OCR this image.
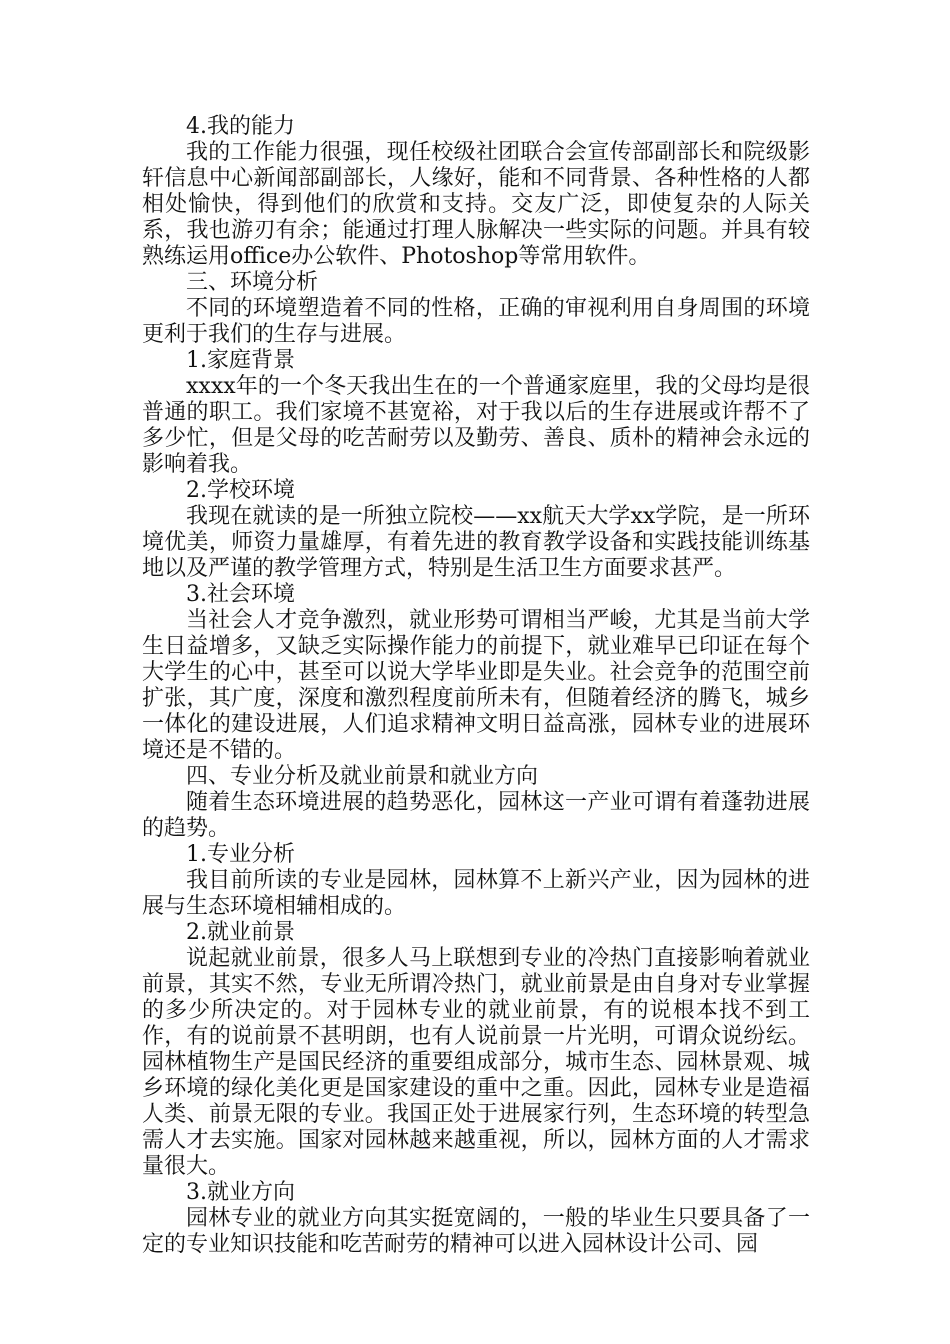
4.我的能力

我的工作能力很强，现任校级社团联合会宣传部副部长和院级影轩信息中心新闻部副部长，人缘好，能和不同背景、各种性格的人都相处愉快，得到他们的欣赏和支持。交友广泛，即使复杂的人际关系，我也游刃有余；能通过打理人脉解决一些实际的问题。并具有较熟练运用office办公软件、Photoshop等常用软件。

三、环境分析

不同的环境塑造着不同的性格，正确的审视利用自身周围的环境更利于我们的生存与进展。

1.家庭背景

xxxx年的一个冬天我出生在的一个普通家庭里，我的父母均是很普通的职工。我们家境不甚宽裕，对于我以后的生存进展或许帮不了多少忙，但是父母的吃苦耐劳以及勤劳、善良、质朴的精神会永远的影响着我。

2.学校环境

我现在就读的是一所独立院校——xx航天大学xx学院，是一所环境优美，师资力量雄厚，有着先进的教育教学设备和实践技能训练基地以及严谨的教学管理方式，特别是生活卫生方面要求甚严。

3.社会环境

当社会人才竞争激烈，就业形势可谓相当严峻，尤其是当前大学生日益增多，又缺乏实际操作能力的前提下，就业难早已印证在每个大学生的心中，甚至可以说大学毕业即是失业。社会竞争的范围空前扩张，其广度，深度和激烈程度前所未有，但随着经济的腾飞，城乡一体化的建设进展，人们追求精神文明日益高涨，园林专业的进展环境还是不错的。

四、专业分析及就业前景和就业方向

随着生态环境进展的趋势恶化，园林这一产业可谓有着蓬勃进展的趋势。

1.专业分析

我目前所读的专业是园林，园林算不上新兴产业，因为园林的进展与生态环境相辅相成的。

2.就业前景

说起就业前景，很多人马上联想到专业的冷热门直接影响着就业前景，其实不然，专业无所谓冷热门，就业前景是由自身对专业掌握的多少所决定的。对于园林专业的就业前景，有的说根本找不到工作，有的说前景不甚明朗，也有人说前景一片光明，可谓众说纷纭。园林植物生产是国民经济的重要组成部分，城市生态、园林景观、城乡环境的绿化美化更是国家建设的重中之重。因此，园林专业是造福人类、前景无限的专业。我国正处于进展家行列，生态环境的转型急需人才去实施。国家对园林越来越重视，所以，园林方面的人才需求量很大。

3.就业方向

园林专业的就业方向其实挺宽阔的，一般的毕业生只要具备了一定的专业知识技能和吃苦耐劳的精神可以进入园林设计公司、园
